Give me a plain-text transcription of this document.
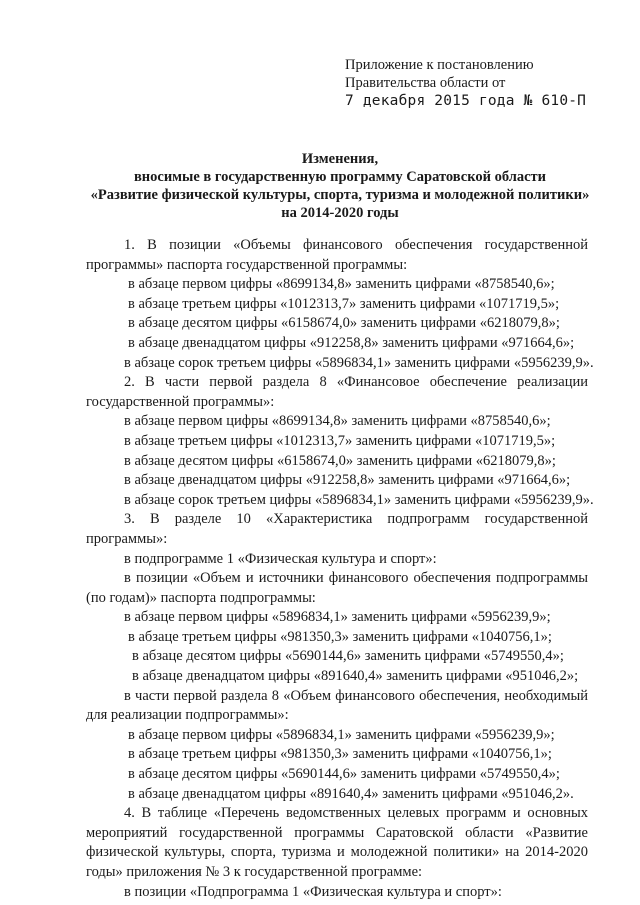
Приложение к постановлению
Правительства области от
7 декабря 2015 года № 610-П
Изменения,
вносимые в государственную программу Саратовской области
«Развитие физической культуры, спорта, туризма и молодежной политики»
на 2014-2020 годы

1. В позиции «Объемы финансового обеспечения государственной программы» паспорта государственной программы:

в абзаце первом цифры «8699134,8» заменить цифрами «8758540,6»;

в абзаце третьем цифры «1012313,7» заменить цифрами «1071719,5»;

в абзаце десятом цифры «6158674,0» заменить цифрами «6218079,8»;

в абзаце двенадцатом цифры «912258,8» заменить цифрами «971664,6»;

в абзаце сорок третьем цифры «5896834,1» заменить цифрами «5956239,9».

2. В части первой раздела 8 «Финансовое обеспечение реализации государственной программы»:

в абзаце первом цифры «8699134,8» заменить цифрами «8758540,6»;

в абзаце третьем цифры «1012313,7» заменить цифрами «1071719,5»;

в абзаце десятом цифры «6158674,0» заменить цифрами «6218079,8»;

в абзаце двенадцатом цифры «912258,8» заменить цифрами «971664,6»;

в абзаце сорок третьем цифры «5896834,1» заменить цифрами «5956239,9».

3. В разделе 10 «Характеристика подпрограмм государственной программы»:

в подпрограмме 1 «Физическая культура и спорт»:

в позиции «Объем и источники финансового обеспечения подпрограммы (по годам)» паспорта подпрограммы:

в абзаце первом цифры «5896834,1» заменить цифрами «5956239,9»;

в абзаце третьем цифры «981350,3» заменить цифрами «1040756,1»;

в абзаце десятом цифры «5690144,6» заменить цифрами «5749550,4»;

в абзаце двенадцатом цифры «891640,4» заменить цифрами «951046,2»;

в части первой раздела 8 «Объем финансового обеспечения, необходимый для реализации подпрограммы»:

в абзаце первом цифры «5896834,1» заменить цифрами «5956239,9»;

в абзаце третьем цифры «981350,3» заменить цифрами «1040756,1»;

в абзаце десятом цифры «5690144,6» заменить цифрами «5749550,4»;

в абзаце двенадцатом цифры «891640,4» заменить цифрами «951046,2».

4. В таблице «Перечень ведомственных целевых программ и основных мероприятий государственной программы Саратовской области «Развитие физической культуры, спорта, туризма и молодежной политики» на 2014-2020 годы» приложения № 3 к государственной программе:

в позиции «Подпрограмма 1 «Физическая культура и спорт»:
